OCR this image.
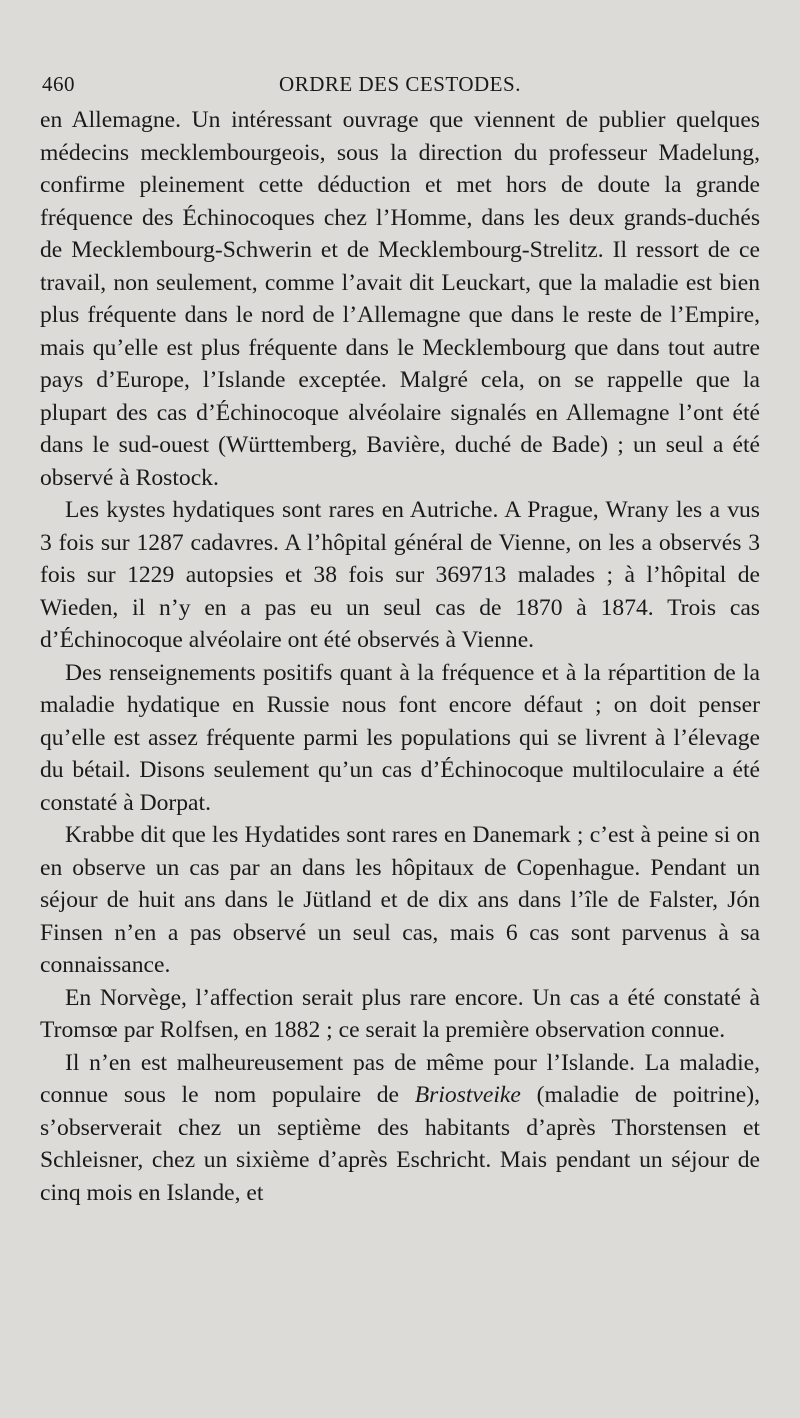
460	ORDRE DES CESTODES.

en Allemagne. Un intéressant ouvrage que viennent de publier quelques médecins mecklembourgeois, sous la direction du professeur Madelung, confirme pleinement cette déduction et met hors de doute la grande fréquence des Échinocoques chez l’Homme, dans les deux grands-duchés de Mecklembourg-Schwerin et de Mecklembourg-Strelitz. Il ressort de ce travail, non seulement, comme l’avait dit Leuckart, que la maladie est bien plus fréquente dans le nord de l’Allemagne que dans le reste de l’Empire, mais qu’elle est plus fréquente dans le Mecklembourg que dans tout autre pays d’Europe, l’Islande exceptée. Malgré cela, on se rappelle que la plupart des cas d’Échinocoque alvéolaire signalés en Allemagne l’ont été dans le sud-ouest (Württemberg, Bavière, duché de Bade) ; un seul a été observé à Rostock.

Les kystes hydatiques sont rares en Autriche. A Prague, Wrany les a vus 3 fois sur 1287 cadavres. A l’hôpital général de Vienne, on les a observés 3 fois sur 1229 autopsies et 38 fois sur 369713 malades ; à l’hôpital de Wieden, il n’y en a pas eu un seul cas de 1870 à 1874. Trois cas d’Échinocoque alvéolaire ont été observés à Vienne.

Des renseignements positifs quant à la fréquence et à la répartition de la maladie hydatique en Russie nous font encore défaut ; on doit penser qu’elle est assez fréquente parmi les populations qui se livrent à l’élevage du bétail. Disons seulement qu’un cas d’Échinocoque multiloculaire a été constaté à Dorpat.

Krabbe dit que les Hydatides sont rares en Danemark ; c’est à peine si on en observe un cas par an dans les hôpitaux de Copenhague. Pendant un séjour de huit ans dans le Jütland et de dix ans dans l’île de Falster, Jón Finsen n’en a pas observé un seul cas, mais 6 cas sont parvenus à sa connaissance.

En Norvège, l’affection serait plus rare encore. Un cas a été constaté à Tromsœ par Rolfsen, en 1882 ; ce serait la première observation connue.

Il n’en est malheureusement pas de même pour l’Islande. La maladie, connue sous le nom populaire de Briostveike (maladie de poitrine), s’observerait chez un septième des habitants d’après Thorstensen et Schleisner, chez un sixième d’après Eschricht. Mais pendant un séjour de cinq mois en Islande, et
